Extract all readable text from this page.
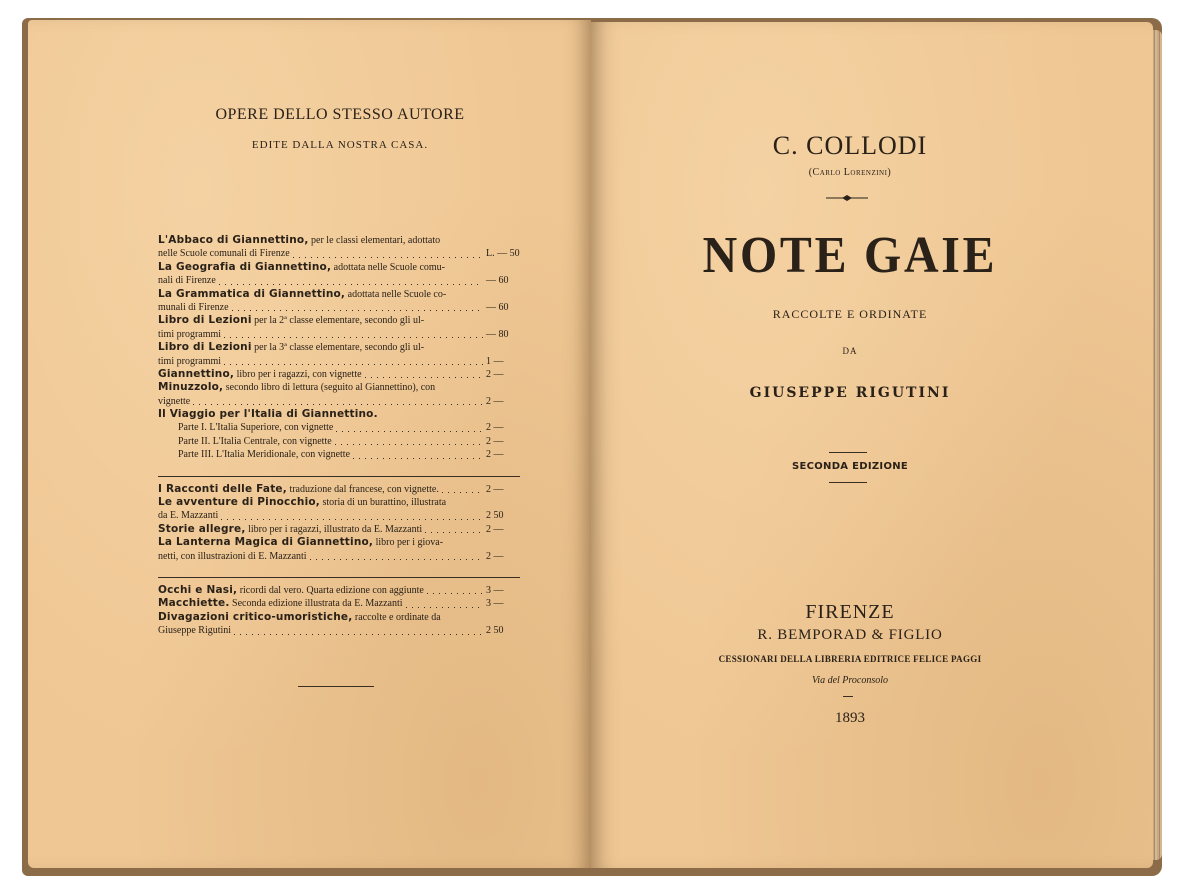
OPERE DELLO STESSO AUTORE
EDITE DALLA NOSTRA CASA.
L'Abbaco di Giannettino, per le classi elementari, adottato
nelle Scuole comunali di Firenze	L. — 50
La Geografia di Giannettino, adottata nelle Scuole comu-
nali di Firenze	— 60
La Grammatica di Giannettino, adottata nelle Scuole co-
munali di Firenze	— 60
Libro di Lezioni per la 2ª classe elementare, secondo gli ul-
timi programmi	— 80
Libro di Lezioni per la 3ª classe elementare, secondo gli ul-
timi programmi	1 —
Giannettino, libro per i ragazzi, con vignette	2 —
Minuzzolo, secondo libro di lettura (seguito al Giannettino), con
vignette	2 —
Il Viaggio per l'Italia di Giannettino.
Parte I. L'Italia Superiore, con vignette	2 —
Parte II. L'Italia Centrale, con vignette	2 —
Parte III. L'Italia Meridionale, con vignette	2 —
I Racconti delle Fate, traduzione dal francese, con vignette.	2 —
Le avventure di Pinocchio, storia di un burattino, illustrata
da E. Mazzanti	2 50
Storie allegre, libro per i ragazzi, illustrato da E. Mazzanti	2 —
La Lanterna Magica di Giannettino, libro per i giova-
netti, con illustrazioni di E. Mazzanti	2 —
Occhi e Nasi, ricordi dal vero. Quarta edizione con aggiunte	3 —
Macchiette. Seconda edizione illustrata da E. Mazzanti	3 —
Divagazioni critico-umoristiche, raccolte e ordinate da
Giuseppe Rigutini	2 50
C. COLLODI
(Carlo Lorenzini)
NOTE GAIE
RACCOLTE E ORDINATE
DA
GIUSEPPE RIGUTINI
SECONDA EDIZIONE
FIRENZE
R. BEMPORAD & FIGLIO
CESSIONARI DELLA LIBRERIA EDITRICE FELICE PAGGI
Via del Proconsolo
1893
